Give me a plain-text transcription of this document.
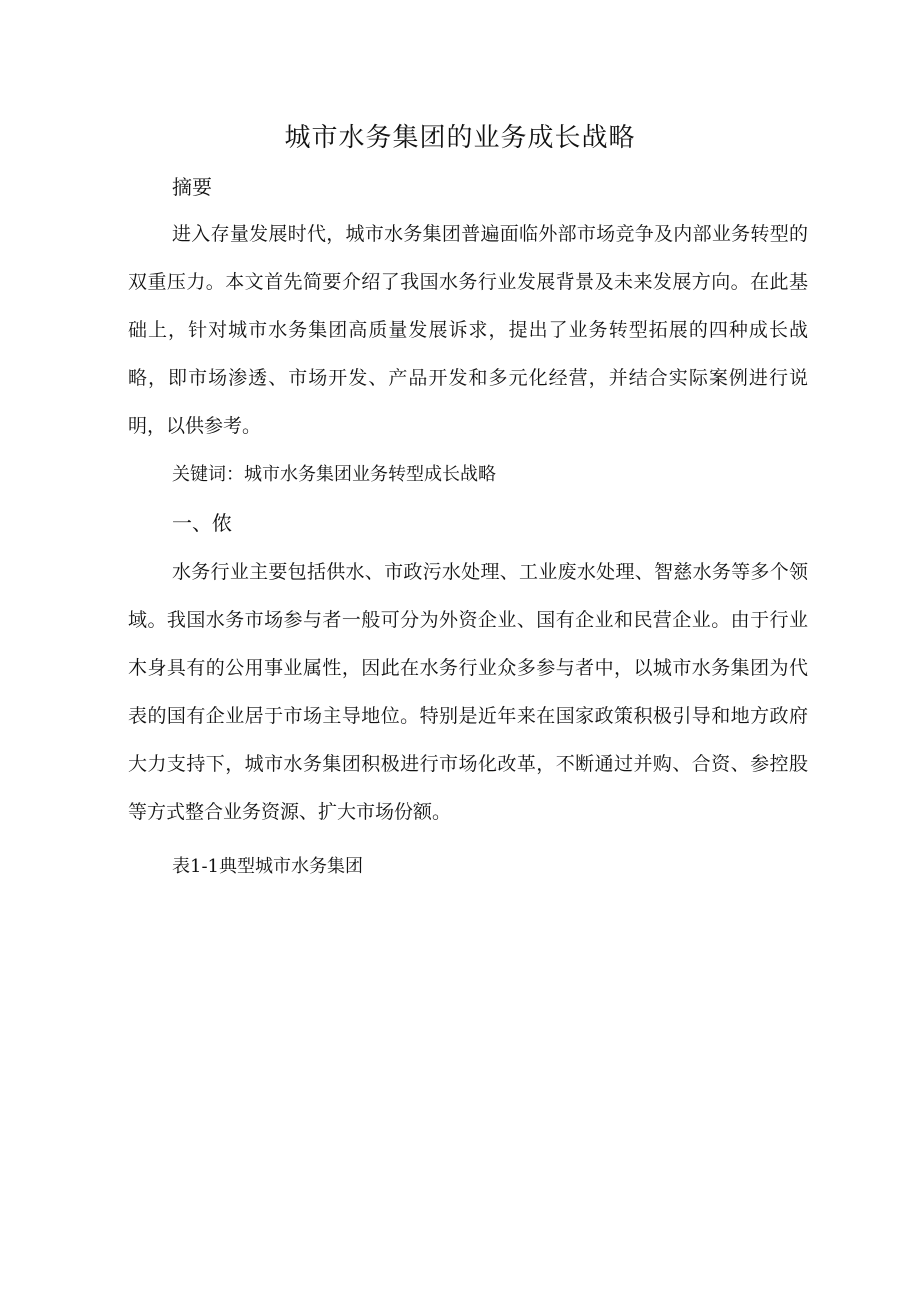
城市水务集团的业务成长战略
摘要

进入存量发展时代，城市水务集团普遍面临外部市场竞争及内部业务转型的双重压力。本文首先简要介绍了我国水务行业发展背景及未来发展方向。在此基础上，针对城市水务集团高质量发展诉求，提出了业务转型拓展的四种成长战略，即市场渗透、市场开发、产品开发和多元化经营，并结合实际案例进行说明，以供参考。

关键词：城市水务集团业务转型成长战略
一、侬

水务行业主要包括供水、市政污水处理、工业废水处理、智慈水务等多个领域。我国水务市场参与者一般可分为外资企业、国有企业和民营企业。由于行业木身具有的公用事业属性，因此在水务行业众多参与者中，以城市水务集团为代表的国有企业居于市场主导地位。特别是近年来在国家政策积极引导和地方政府大力支持下，城市水务集团积极进行市场化改革，不断通过并购、合资、参控股等方式整合业务资源、扩大市场份额。

表1-1典型城市水务集团
